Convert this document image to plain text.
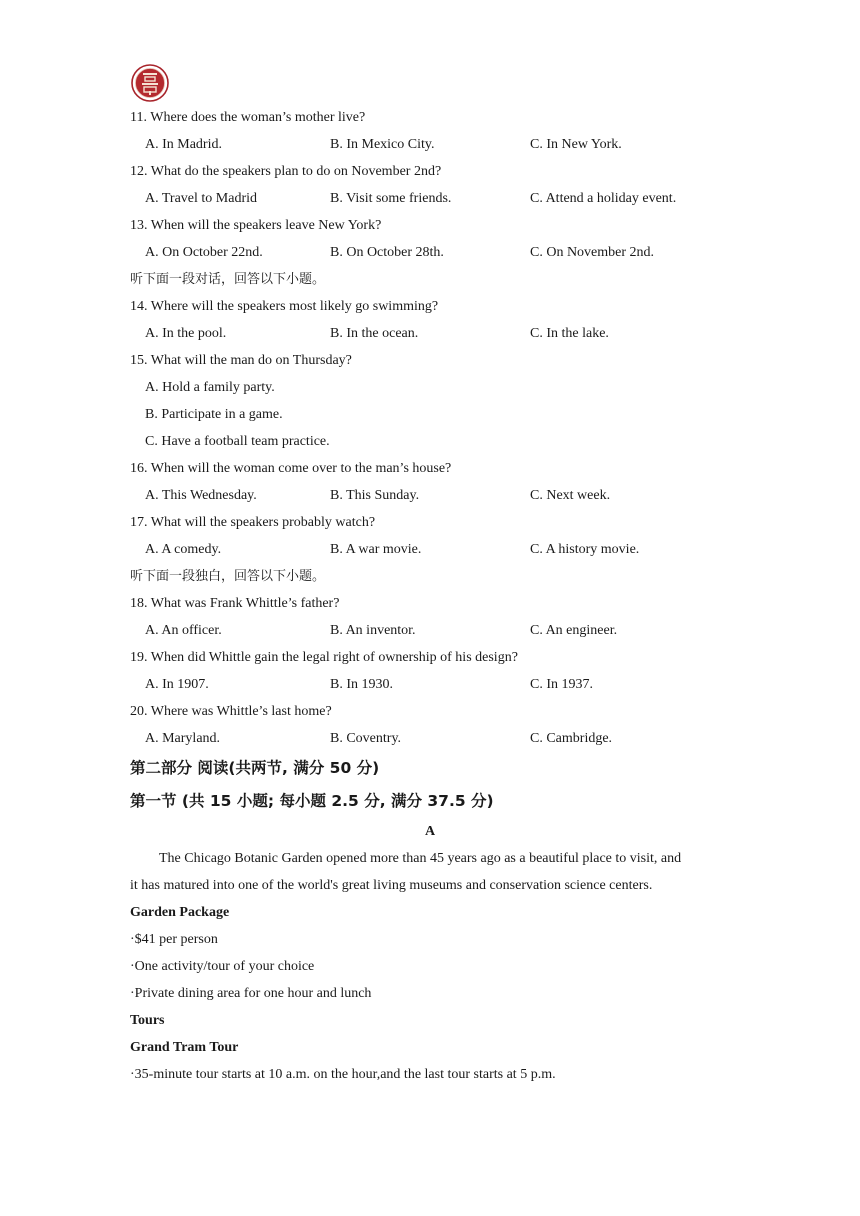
11. Where does the woman’s mother live?
A. In Madrid.	B. In Mexico City.	C. In New York.
12. What do the speakers plan to do on November 2nd?
A. Travel to Madrid	B. Visit some friends.	C. Attend a holiday event.
13. When will the speakers leave New York?
A. On October 22nd.	B. On October 28th.	C. On November 2nd.
听下面一段对话，回答以下小题。
14. Where will the speakers most likely go swimming?
A. In the pool.	B. In the ocean.	C. In the lake.
15. What will the man do on Thursday?
A. Hold a family party.
B. Participate in a game.
C. Have a football team practice.
16. When will the woman come over to the man’s house?
A. This Wednesday.	B. This Sunday.	C. Next week.
17. What will the speakers probably watch?
A. A comedy.	B. A war movie.	C. A history movie.
听下面一段独白，回答以下小题。
18. What was Frank Whittle’s father?
A. An officer.	B. An inventor.	C. An engineer.
19. When did Whittle gain the legal right of ownership of his design?
A. In 1907.	B. In 1930.	C. In 1937.
20. Where was Whittle’s last home?
A. Maryland.	B. Coventry.	C. Cambridge.
第二部分 阅读(共两节, 满分 50 分)
第一节 (共 15 小题; 每小题 2.5 分, 满分 37.5 分)
A
The Chicago Botanic Garden opened more than 45 years ago as a beautiful place to visit, and
it has matured into one of the world's great living museums and conservation science centers.
Garden Package
·$41 per person
·One activity/tour of your choice
·Private dining area for one hour and lunch
Tours
Grand Tram Tour
·35-minute tour starts at 10 a.m. on the hour,and the last tour starts at 5 p.m.
